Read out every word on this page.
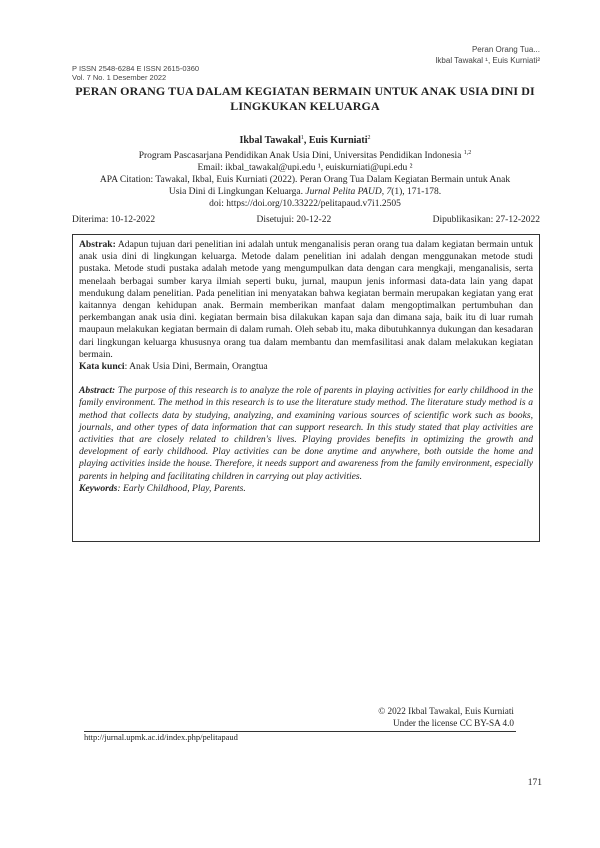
Peran Orang Tua...
Ikbal Tawakal ¹, Euis Kurniati²
P ISSN 2548-6284 E ISSN 2615-0360
Vol. 7 No. 1 Desember 2022
PERAN ORANG TUA DALAM KEGIATAN BERMAIN UNTUK ANAK USIA DINI DI LINGKUKAN KELUARGA
Ikbal Tawakal$^1$, Euis Kurniati$^2$
Program Pascasarjana Pendidikan Anak Usia Dini, Universitas Pendidikan Indonesia $^{1,2}$
Email: ikbal_tawakal@upi.edu ¹, euiskurniati@upi.edu ²
APA Citation: Tawakal, Ikbal, Euis Kurniati (2022). Peran Orang Tua Dalam Kegiatan Bermain untuk Anak
Usia Dini di Lingkungan Keluarga. Jurnal Pelita PAUD, 7(1), 171-178.
doi: https://doi.org/10.33222/pelitapaud.v7i1.2505
Diterima: 10-12-2022	Disetujui: 20-12-22	Dipublikasikan: 27-12-2022

Abstrak: Adapun tujuan dari penelitian ini adalah untuk menganalisis peran orang tua dalam kegiatan bermain untuk anak usia dini di lingkungan keluarga. Metode dalam penelitian ini adalah dengan menggunakan metode studi pustaka. Metode studi pustaka adalah metode yang mengumpulkan data dengan cara mengkaji, menganalisis, serta menelaah berbagai sumber karya ilmiah seperti buku, jurnal, maupun jenis informasi data-data lain yang dapat mendukung dalam penelitian. Pada penelitian ini menyatakan bahwa kegiatan bermain merupakan kegiatan yang erat kaitannya dengan kehidupan anak. Bermain memberikan manfaat dalam mengoptimalkan pertumbuhan dan perkembangan anak usia dini. kegiatan bermain bisa dilakukan kapan saja dan dimana saja, baik itu di luar rumah maupaun melakukan kegiatan bermain di dalam rumah. Oleh sebab itu, maka dibutuhkannya dukungan dan kesadaran dari lingkungan keluarga khususnya orang tua dalam membantu dan memfasilitasi anak dalam melakukan kegiatan bermain.

Kata kunci: Anak Usia Dini, Bermain, Orangtua

Abstract: The purpose of this research is to analyze the role of parents in playing activities for early childhood in the family environment. The method in this research is to use the literature study method. The literature study method is a method that collects data by studying, analyzing, and examining various sources of scientific work such as books, journals, and other types of data information that can support research. In this study stated that play activities are activities that are closely related to children's lives. Playing provides benefits in optimizing the growth and development of early childhood. Play activities can be done anytime and anywhere, both outside the home and playing activities inside the house. Therefore, it needs support and awareness from the family environment, especially parents in helping and facilitating children in carrying out play activities.

Keywords: Early Childhood, Play, Parents.

© 2022 Ikbal Tawakal, Euis Kurniati
Under the license CC BY-SA 4.0
http://jurnal.upmk.ac.id/index.php/pelitapaud
171
